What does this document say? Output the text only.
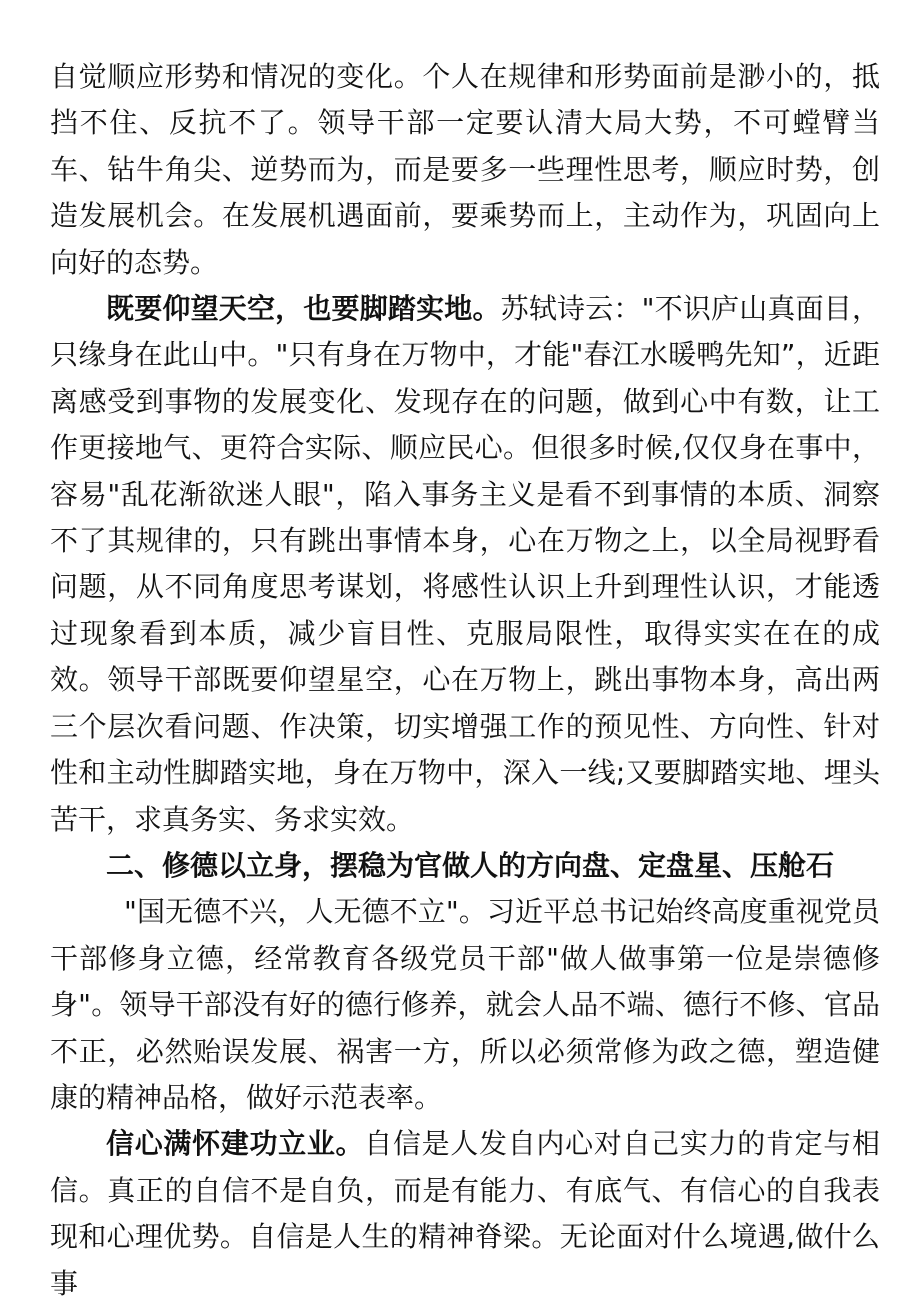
自觉顺应形势和情况的变化。个人在规律和形势面前是渺小的，抵挡不住、反抗不了。领导干部一定要认清大局大势，不可螳臂当车、钻牛角尖、逆势而为，而是要多一些理性思考，顺应时势，创造发展机会。在发展机遇面前，要乘势而上，主动作为，巩固向上向好的态势。

既要仰望天空，也要脚踏实地。苏轼诗云："不识庐山真面目，只缘身在此山中。"只有身在万物中，才能"春江水暖鸭先知”，近距离感受到事物的发展变化、发现存在的问题，做到心中有数，让工作更接地气、更符合实际、顺应民心。但很多时候,仅仅身在事中，容易"乱花渐欲迷人眼"，陷入事务主义是看不到事情的本质、洞察不了其规律的，只有跳出事情本身，心在万物之上，以全局视野看问题，从不同角度思考谋划，将感性认识上升到理性认识，才能透过现象看到本质，减少盲目性、克服局限性，取得实实在在的成效。领导干部既要仰望星空，心在万物上，跳出事物本身，高出两三个层次看问题、作决策，切实增强工作的预见性、方向性、针对性和主动性脚踏实地，身在万物中，深入一线;又要脚踏实地、埋头苦干，求真务实、务求实效。

二、修德以立身，摆稳为官做人的方向盘、定盘星、压舱石

"国无德不兴，人无德不立"。习近平总书记始终高度重视党员干部修身立德，经常教育各级党员干部"做人做事第一位是崇德修身"。领导干部没有好的德行修养，就会人品不端、德行不修、官品不正，必然贻误发展、祸害一方，所以必须常修为政之德，塑造健康的精神品格，做好示范表率。

信心满怀建功立业。自信是人发自内心对自己实力的肯定与相信。真正的自信不是自负，而是有能力、有底气、有信心的自我表现和心理优势。自信是人生的精神脊梁。无论面对什么境遇,做什么事
